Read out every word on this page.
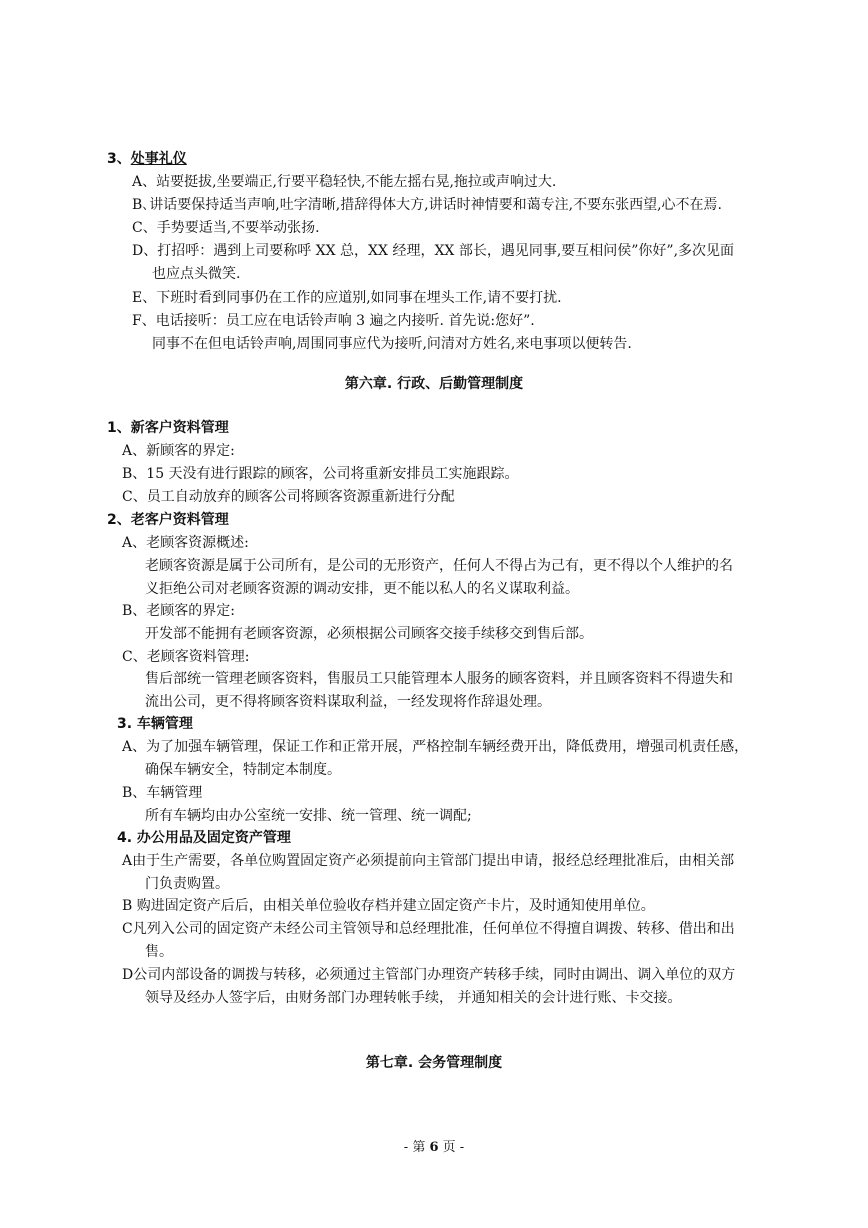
3、处事礼仪
A、站要挺拔,坐要端正,行要平稳轻快,不能左摇右晃,拖拉或声响过大.
B､讲话要保持适当声响,吐字清晰,措辞得体大方,讲话时神情要和蔼专注,不要东张西望,心不在焉.
C、手势要适当,不要举动张扬.
D、打招呼：遇到上司要称呼 XX 总，XX 经理，XX 部长，遇见同事,要互相问侯”你好”,多次见面
也应点头微笑.
E、下班时看到同事仍在工作的应道别,如同事在埋头工作,请不要打扰.
F、电话接听：员工应在电话铃声响 3 遍之内接听. 首先说:您好”.
同事不在但电话铃声响,周围同事应代为接听,问清对方姓名,来电事项以便转告.
第六章. 行政、后勤管理制度
1、新客户资料管理
A、新顾客的界定:
B、15 天没有进行跟踪的顾客，公司将重新安排员工实施跟踪。
C、员工自动放弃的顾客公司将顾客资源重新进行分配
2、老客户资料管理
A、老顾客资源概述:
老顾客资源是属于公司所有，是公司的无形资产，任何人不得占为己有，更不得以个人维护的名
义拒绝公司对老顾客资源的调动安排，更不能以私人的名义谋取利益。
B、老顾客的界定:
开发部不能拥有老顾客资源，必须根据公司顾客交接手续移交到售后部。
C、老顾客资料管理:
售后部统一管理老顾客资料，售服员工只能管理本人服务的顾客资料，并且顾客资料不得遗失和
流出公司，更不得将顾客资料谋取利益，一经发现将作辞退处理。
3. 车辆管理
A、为了加强车辆管理，保证工作和正常开展，严格控制车辆经费开出，降低费用，增强司机责任感，
确保车辆安全，特制定本制度。
B、车辆管理
所有车辆均由办公室统一安排、统一管理、统一调配;
4. 办公用品及固定资产管理
A由于生产需要，各单位购置固定资产必须提前向主管部门提出申请，报经总经理批准后，由相关部
门负责购置。
B 购进固定资产后后，由相关单位验收存档并建立固定资产卡片，及时通知使用单位。
C凡列入公司的固定资产未经公司主管领导和总经理批准，任何单位不得擅自调拨、转移、借出和出
售。
D公司内部设备的调拨与转移，必须通过主管部门办理资产转移手续，同时由调出、调入单位的双方
领导及经办人签字后，由财务部门办理转帐手续， 并通知相关的会计进行账、卡交接。
第七章. 会务管理制度
- 第 6 页 -
